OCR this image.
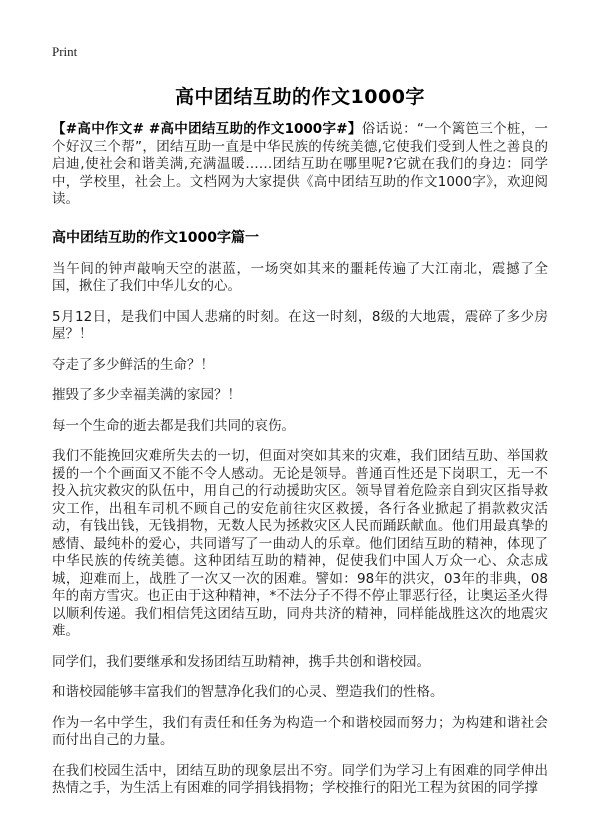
Print
高中团结互助的作文1000字

【#高中作文# #高中团结互助的作文1000字#】俗话说：“一个篱笆三个桩，一个好汉三个帮”，团结互助一直是中华民族的传统美德,它使我们受到人性之善良的启迪,使社会和谐美满,充满温暖……团结互助在哪里呢?它就在我们的身边：同学中，学校里，社会上。文档网为大家提供《高中团结互助的作文1000字》，欢迎阅读。

高中团结互助的作文1000字篇一

当午间的钟声敲响天空的湛蓝，一场突如其来的噩耗传遍了大江南北，震撼了全国，揪住了我们中华儿女的心。

5月12日，是我们中国人悲痛的时刻。在这一时刻，8级的大地震，震碎了多少房屋？！

夺走了多少鲜活的生命？！

摧毁了多少幸福美满的家园？！

每一个生命的逝去都是我们共同的哀伤。

我们不能挽回灾难所失去的一切，但面对突如其来的灾难，我们团结互助、举国救援的一个个画面又不能不令人感动。无论是领导。普通百性还是下岗职工，无一不投入抗灾救灾的队伍中，用自己的行动援助灾区。领导冒着危险亲自到灾区指导救灾工作，出租车司机不顾自己的安危前往灾区救援，各行各业掀起了捐款救灾活动，有钱出钱，无钱捐物，无数人民为拯救灾区人民而踊跃献血。他们用最真挚的感情、最纯朴的爱心，共同谱写了一曲动人的乐章。他们团结互助的精神，体现了中华民族的传统美德。这种团结互助的精神，促使我们中国人万众一心、众志成城，迎难而上，战胜了一次又一次的困难。譬如：98年的洪灾，03年的非典，08年的南方雪灾。也正由于这种精神，*不法分子不得不停止罪恶行径，让奥运圣火得以顺利传递。我们相信凭这团结互助，同舟共济的精神，同样能战胜这次的地震灾难。

同学们，我们要继承和发扬团结互助精神，携手共创和谐校园。

和谐校园能够丰富我们的智慧净化我们的心灵、塑造我们的性格。

作为一名中学生，我们有责任和任务为构造一个和谐校园而努力；为构建和谐社会而付出自己的力量。

在我们校园生活中，团结互助的现象层出不穷。同学们为学习上有困难的同学伸出热情之手，为生活上有困难的同学捐钱捐物；学校推行的阳光工程为贫困的同学撑
